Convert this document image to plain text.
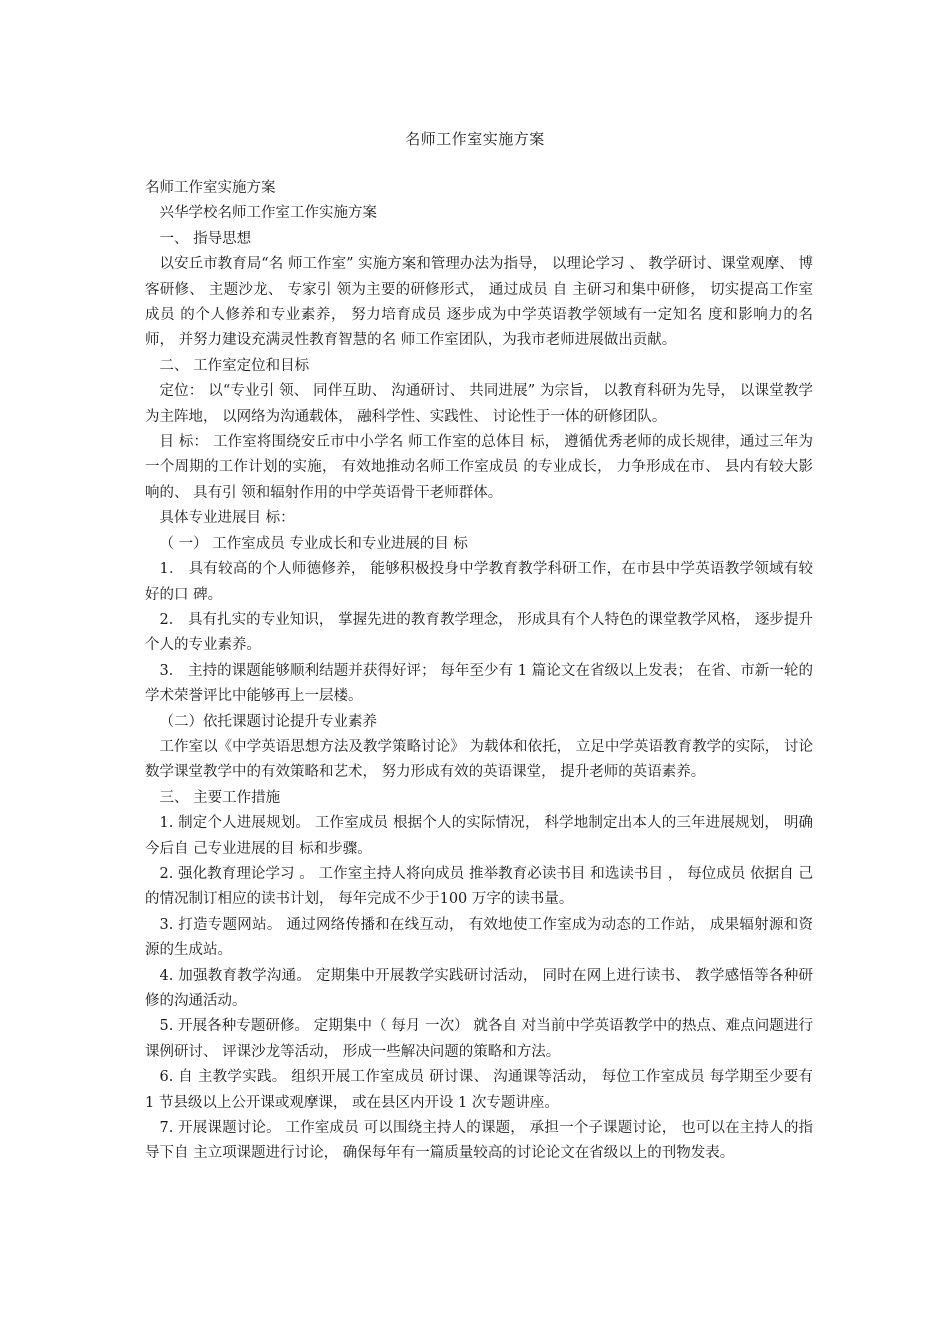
名师工作室实施方案

名师工作室实施方案

兴华学校名师工作室工作实施方案

一、 指导思想

以安丘市教育局“名 师工作室” 实施方案和管理办法为指导， 以理论学习 、 教学研讨、课堂观摩、 博客研修、 主题沙龙、 专家引 领为主要的研修形式， 通过成员 自 主研习和集中研修， 切实提高工作室成员 的个人修养和专业素养， 努力培育成员 逐步成为中学英语教学领域有一定知名 度和影响力的名 师， 并努力建设充满灵性教育智慧的名 师工作室团队，为我市老师进展做出贡献。

二、 工作室定位和目标

定位： 以“专业引 领、 同伴互助、 沟通研讨、 共同进展” 为宗旨， 以教育科研为先导， 以课堂教学为主阵地， 以网络为沟通载体， 融科学性、实践性、 讨论性于一体的研修团队。

目 标： 工作室将围绕安丘市中小学名 师工作室的总体目 标， 遵循优秀老师的成长规律，通过三年为一个周期的工作计划的实施， 有效地推动名师工作室成员 的专业成长， 力争形成在市、 县内有较大影响的、 具有引 领和辐射作用的中学英语骨干老师群体。

具体专业进展目 标：

（ 一） 工作室成员 专业成长和专业进展的目 标

1． 具有较高的个人师德修养， 能够积极投身中学教育教学科研工作，在市县中学英语教学领域有较好的口 碑。

2． 具有扎实的专业知识， 掌握先进的教育教学理念， 形成具有个人特色的课堂教学风格， 逐步提升个人的专业素养。

3． 主持的课题能够顺利结题并获得好评； 每年至少有 1 篇论文在省级以上发表； 在省、市新一轮的学术荣誉评比中能够再上一层楼。

（二）依托课题讨论提升专业素养

工作室以《中学英语思想方法及教学策略讨论》 为载体和依托， 立足中学英语教育教学的实际， 讨论数学课堂教学中的有效策略和艺术， 努力形成有效的英语课堂， 提升老师的英语素养。

三、 主要工作措施

1. 制定个人进展规划。 工作室成员 根据个人的实际情况， 科学地制定出本人的三年进展规划， 明确今后自 己专业进展的目 标和步骤。

2. 强化教育理论学习 。 工作室主持人将向成员 推举教育必读书目 和选读书目 ， 每位成员 依据自 己的情况制订相应的读书计划， 每年完成不少于100 万字的读书量。

3. 打造专题网站。 通过网络传播和在线互动， 有效地使工作室成为动态的工作站， 成果辐射源和资源的生成站。

4. 加强教育教学沟通。 定期集中开展教学实践研讨活动， 同时在网上进行读书、 教学感悟等各种研修的沟通活动。

5. 开展各种专题研修。 定期集中（ 每月 一次） 就各自 对当前中学英语教学中的热点、难点问题进行课例研讨、 评课沙龙等活动， 形成一些解决问题的策略和方法。

6. 自 主教学实践。 组织开展工作室成员 研讨课、 沟通课等活动， 每位工作室成员 每学期至少要有 1 节县级以上公开课或观摩课， 或在县区内开设 1 次专题讲座。

7. 开展课题讨论。 工作室成员 可以围绕主持人的课题， 承担一个子课题讨论， 也可以在主持人的指导下自 主立项课题进行讨论， 确保每年有一篇质量较高的讨论论文在省级以上的刊物发表。
